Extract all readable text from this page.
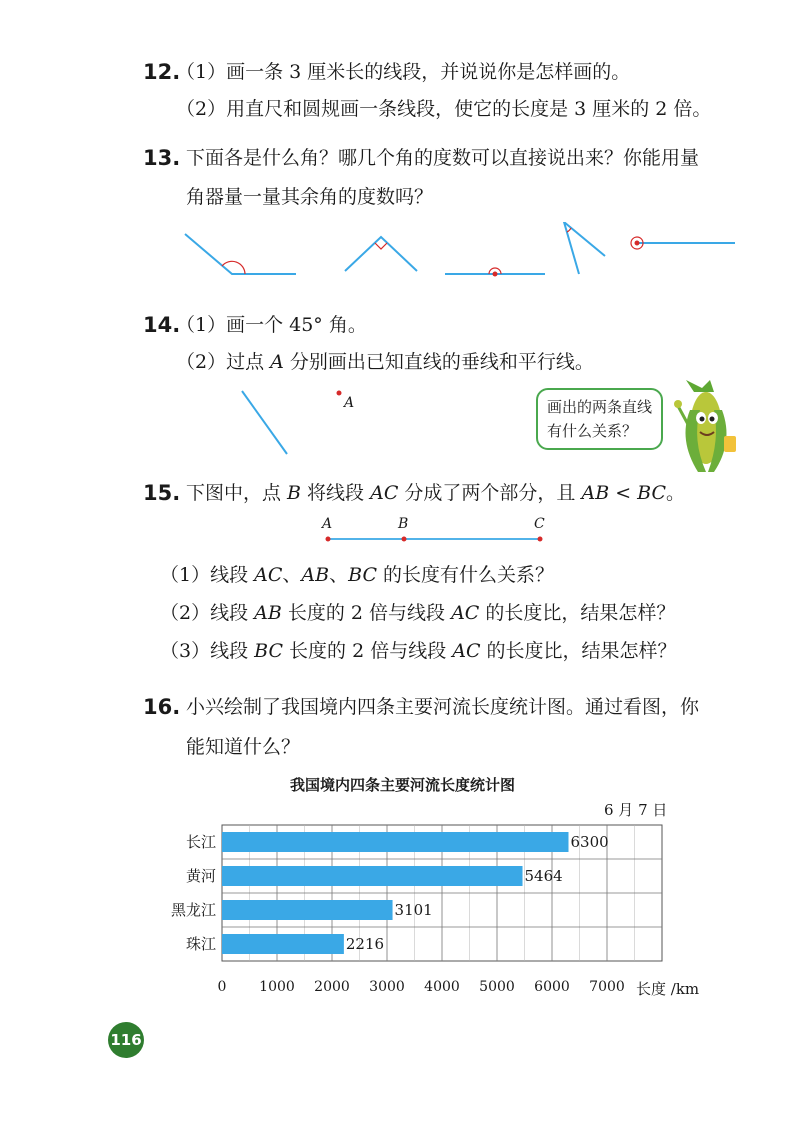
12.
（1）画一条 3 厘米长的线段，并说说你是怎样画的。
（2）用直尺和圆规画一条线段，使它的长度是 3 厘米的 2 倍。
13. 下面各是什么角？哪几个角的度数可以直接说出来？你能用量
角器量一量其余角的度数吗？
14.
（1）画一个 45° 角。
（2）过点 A 分别画出已知直线的垂线和平行线。
A	画出的两条直线
有什么关系？
15. 下图中，点 B 将线段 AC 分成了两个部分，且 AB < BC。
A	B	C
（1）线段 AC、AB、BC 的长度有什么关系？
（2）线段 AB 长度的 2 倍与线段 AC 的长度比，结果怎样？
（3）线段 BC 长度的 2 倍与线段 AC 的长度比，结果怎样？
16. 小兴绘制了我国境内四条主要河流长度统计图。通过看图，你
能知道什么？
我国境内四条主要河流长度统计图
6300
5464
3101
2216
长江
黄河
黑龙江
珠江
0 1000 2000 3000 4000 5000 6000 7000
6 月 7 日
长度 /km
116
